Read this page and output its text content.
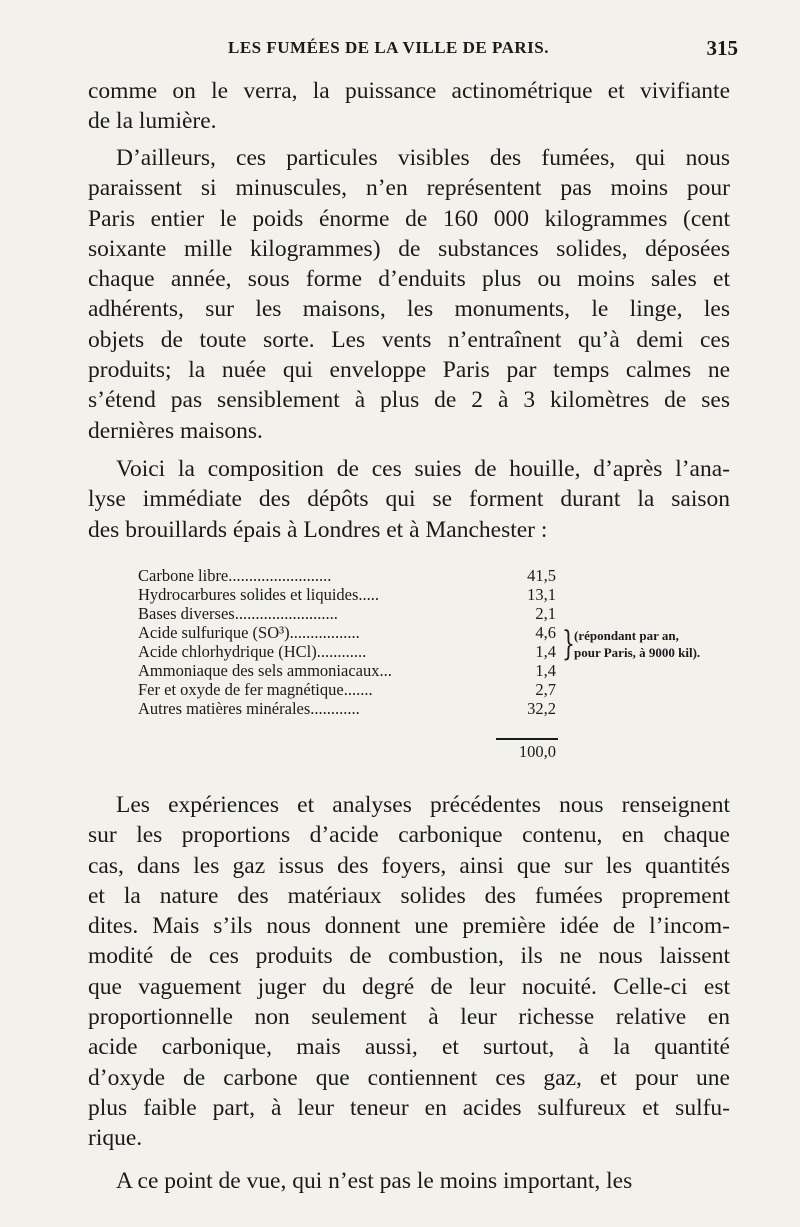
LES FUMÉES DE LA VILLE DE PARIS.	315
comme on le verra, la puissance actinométrique et vivifiante
de la lumière.
D’ailleurs, ces particules visibles des fumées, qui nous
paraissent si minuscules, n’en représentent pas moins pour
Paris entier le poids énorme de 160 000 kilogrammes (cent
soixante mille kilogrammes) de substances solides, déposées
chaque année, sous forme d’enduits plus ou moins sales et
adhérents, sur les maisons, les monuments, le linge, les
objets de toute sorte. Les vents n’entraînent qu’à demi ces
produits; la nuée qui enveloppe Paris par temps calmes ne
s’étend pas sensiblement à plus de 2 à 3 kilomètres de ses
dernières maisons.
Voici la composition de ces suies de houille, d’après l’ana-
lyse immédiate des dépôts qui se forment durant la saison
des brouillards épais à Londres et à Manchester :
Carbone libre.........................	41,5
Hydrocarbures solides et liquides.....	13,1
Bases diverses.........................	2,1
Acide sulfurique (SO³).................	4,6
Acide chlorhydrique (HCl)............	1,4
Ammoniaque des sels ammoniacaux...	1,4
Fer et oxyde de fer magnétique.......	2,7
Autres matières minérales............	32,2
} (répondant par an,
pour Paris, à 9000 kil).
100,0
Les expériences et analyses précédentes nous renseignent
sur les proportions d’acide carbonique contenu, en chaque
cas, dans les gaz issus des foyers, ainsi que sur les quantités
et la nature des matériaux solides des fumées proprement
dites. Mais s’ils nous donnent une première idée de l’incom-
modité de ces produits de combustion, ils ne nous laissent
que vaguement juger du degré de leur nocuité. Celle-ci est
proportionnelle non seulement à leur richesse relative en
acide carbonique, mais aussi, et surtout, à la quantité
d’oxyde de carbone que contiennent ces gaz, et pour une
plus faible part, à leur teneur en acides sulfureux et sulfu-
rique.
A ce point de vue, qui n’est pas le moins important, les
